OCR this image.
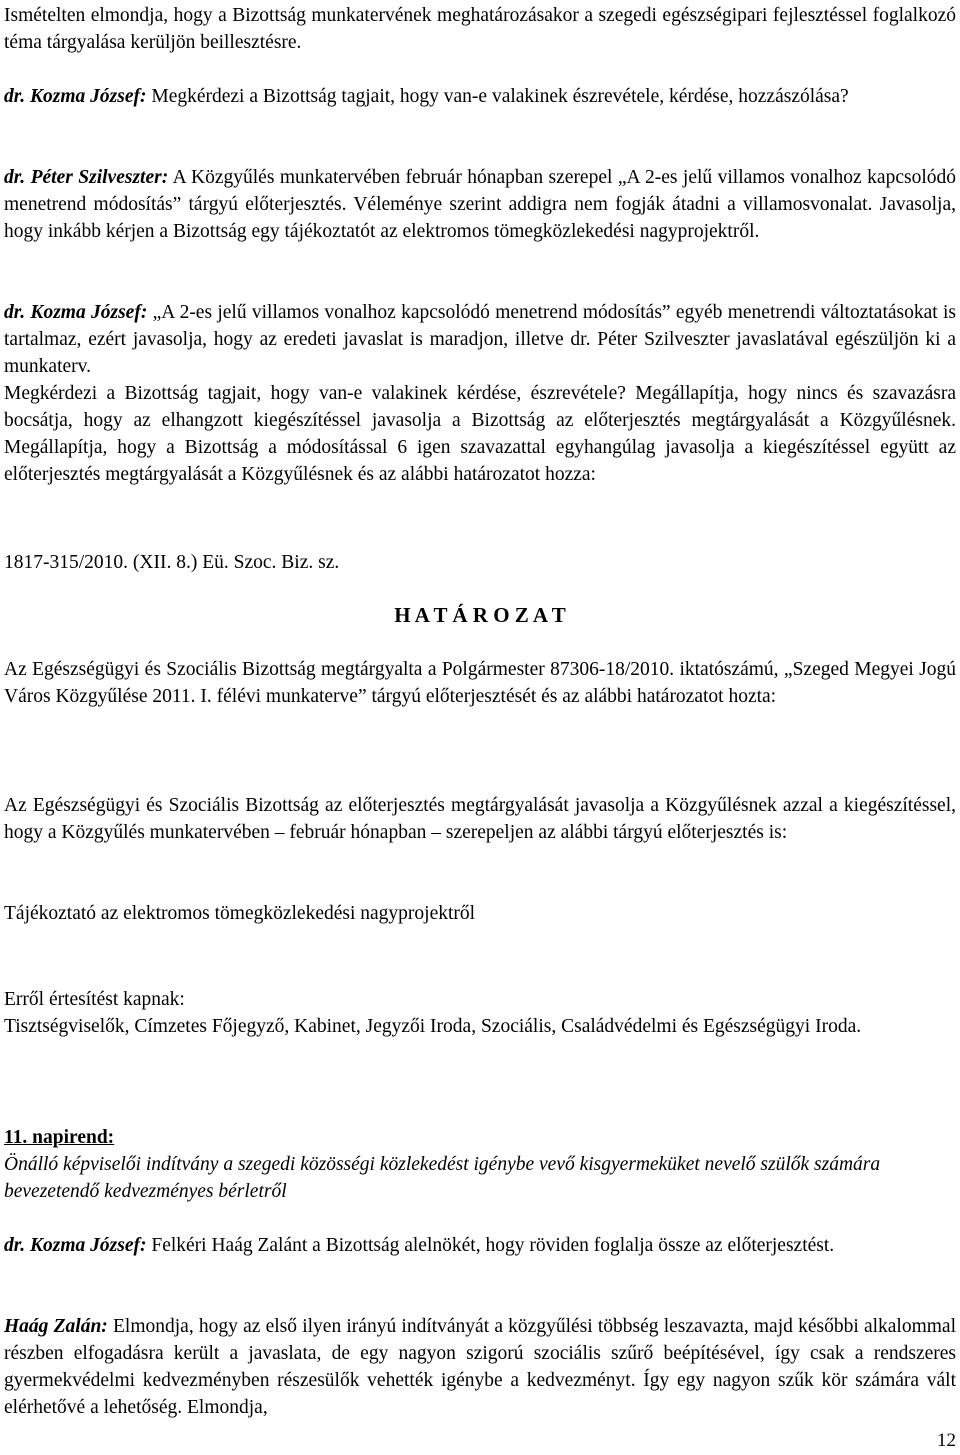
Ismételten elmondja, hogy a Bizottság munkatervének meghatározásakor a szegedi egészségipari fejlesztéssel foglalkozó téma tárgyalása kerüljön beillesztésre.
dr. Kozma József: Megkérdezi a Bizottság tagjait, hogy van-e valakinek észrevétele, kérdése, hozzászólása?
dr. Péter Szilveszter: A Közgyűlés munkatervében február hónapban szerepel „A 2-es jelű villamos vonalhoz kapcsolódó menetrend módosítás” tárgyú előterjesztés. Véleménye szerint addigra nem fogják átadni a villamosvonalat. Javasolja, hogy inkább kérjen a Bizottság egy tájékoztatót az elektromos tömegközlekedési nagyprojektről.
dr. Kozma József: „A 2-es jelű villamos vonalhoz kapcsolódó menetrend módosítás” egyéb menetrendi változtatásokat is tartalmaz, ezért javasolja, hogy az eredeti javaslat is maradjon, illetve dr. Péter Szilveszter javaslatával egészüljön ki a munkaterv.
Megkérdezi a Bizottság tagjait, hogy van-e valakinek kérdése, észrevétele? Megállapítja, hogy nincs és szavazásra bocsátja, hogy az elhangzott kiegészítéssel javasolja a Bizottság az előterjesztés megtárgyalását a Közgyűlésnek. Megállapítja, hogy a Bizottság a módosítással 6 igen szavazattal egyhangúlag javasolja a kiegészítéssel együtt az előterjesztés megtárgyalását a Közgyűlésnek és az alábbi határozatot hozza:
1817-315/2010. (XII. 8.) Eü. Szoc. Biz. sz.
H A T Á R O Z A T
Az Egészségügyi és Szociális Bizottság megtárgyalta a Polgármester 87306-18/2010. iktatószámú, „Szeged Megyei Jogú Város Közgyűlése 2011. I. félévi munkaterve” tárgyú előterjesztését és az alábbi határozatot hozta:
Az Egészségügyi és Szociális Bizottság az előterjesztés megtárgyalását javasolja a Közgyűlésnek azzal a kiegészítéssel, hogy a Közgyűlés munkatervében – február hónapban – szerepeljen az alábbi tárgyú előterjesztés is:
Tájékoztató az elektromos tömegközlekedési nagyprojektről
Erről értesítést kapnak:
Tisztségviselők, Címzetes Főjegyző, Kabinet, Jegyzői Iroda, Szociális, Családvédelmi és Egészségügyi Iroda.
11. napirend:
Önálló képviselői indítvány a szegedi közösségi közlekedést igénybe vevő kisgyermeküket nevelő szülők számára bevezetendő kedvezményes bérletről
dr. Kozma József: Felkéri Haág Zalánt a Bizottság alelnökét, hogy röviden foglalja össze az előterjesztést.
Haág Zalán: Elmondja, hogy az első ilyen irányú indítványát a közgyűlési többség leszavazta, majd későbbi alkalommal részben elfogadásra került a javaslata, de egy nagyon szigorú szociális szűrő beépítésével, így csak a rendszeres gyermekvédelmi kedvezményben részesülők vehették igénybe a kedvezményt. Így egy nagyon szűk kör számára vált elérhetővé a lehetőség. Elmondja,
12
